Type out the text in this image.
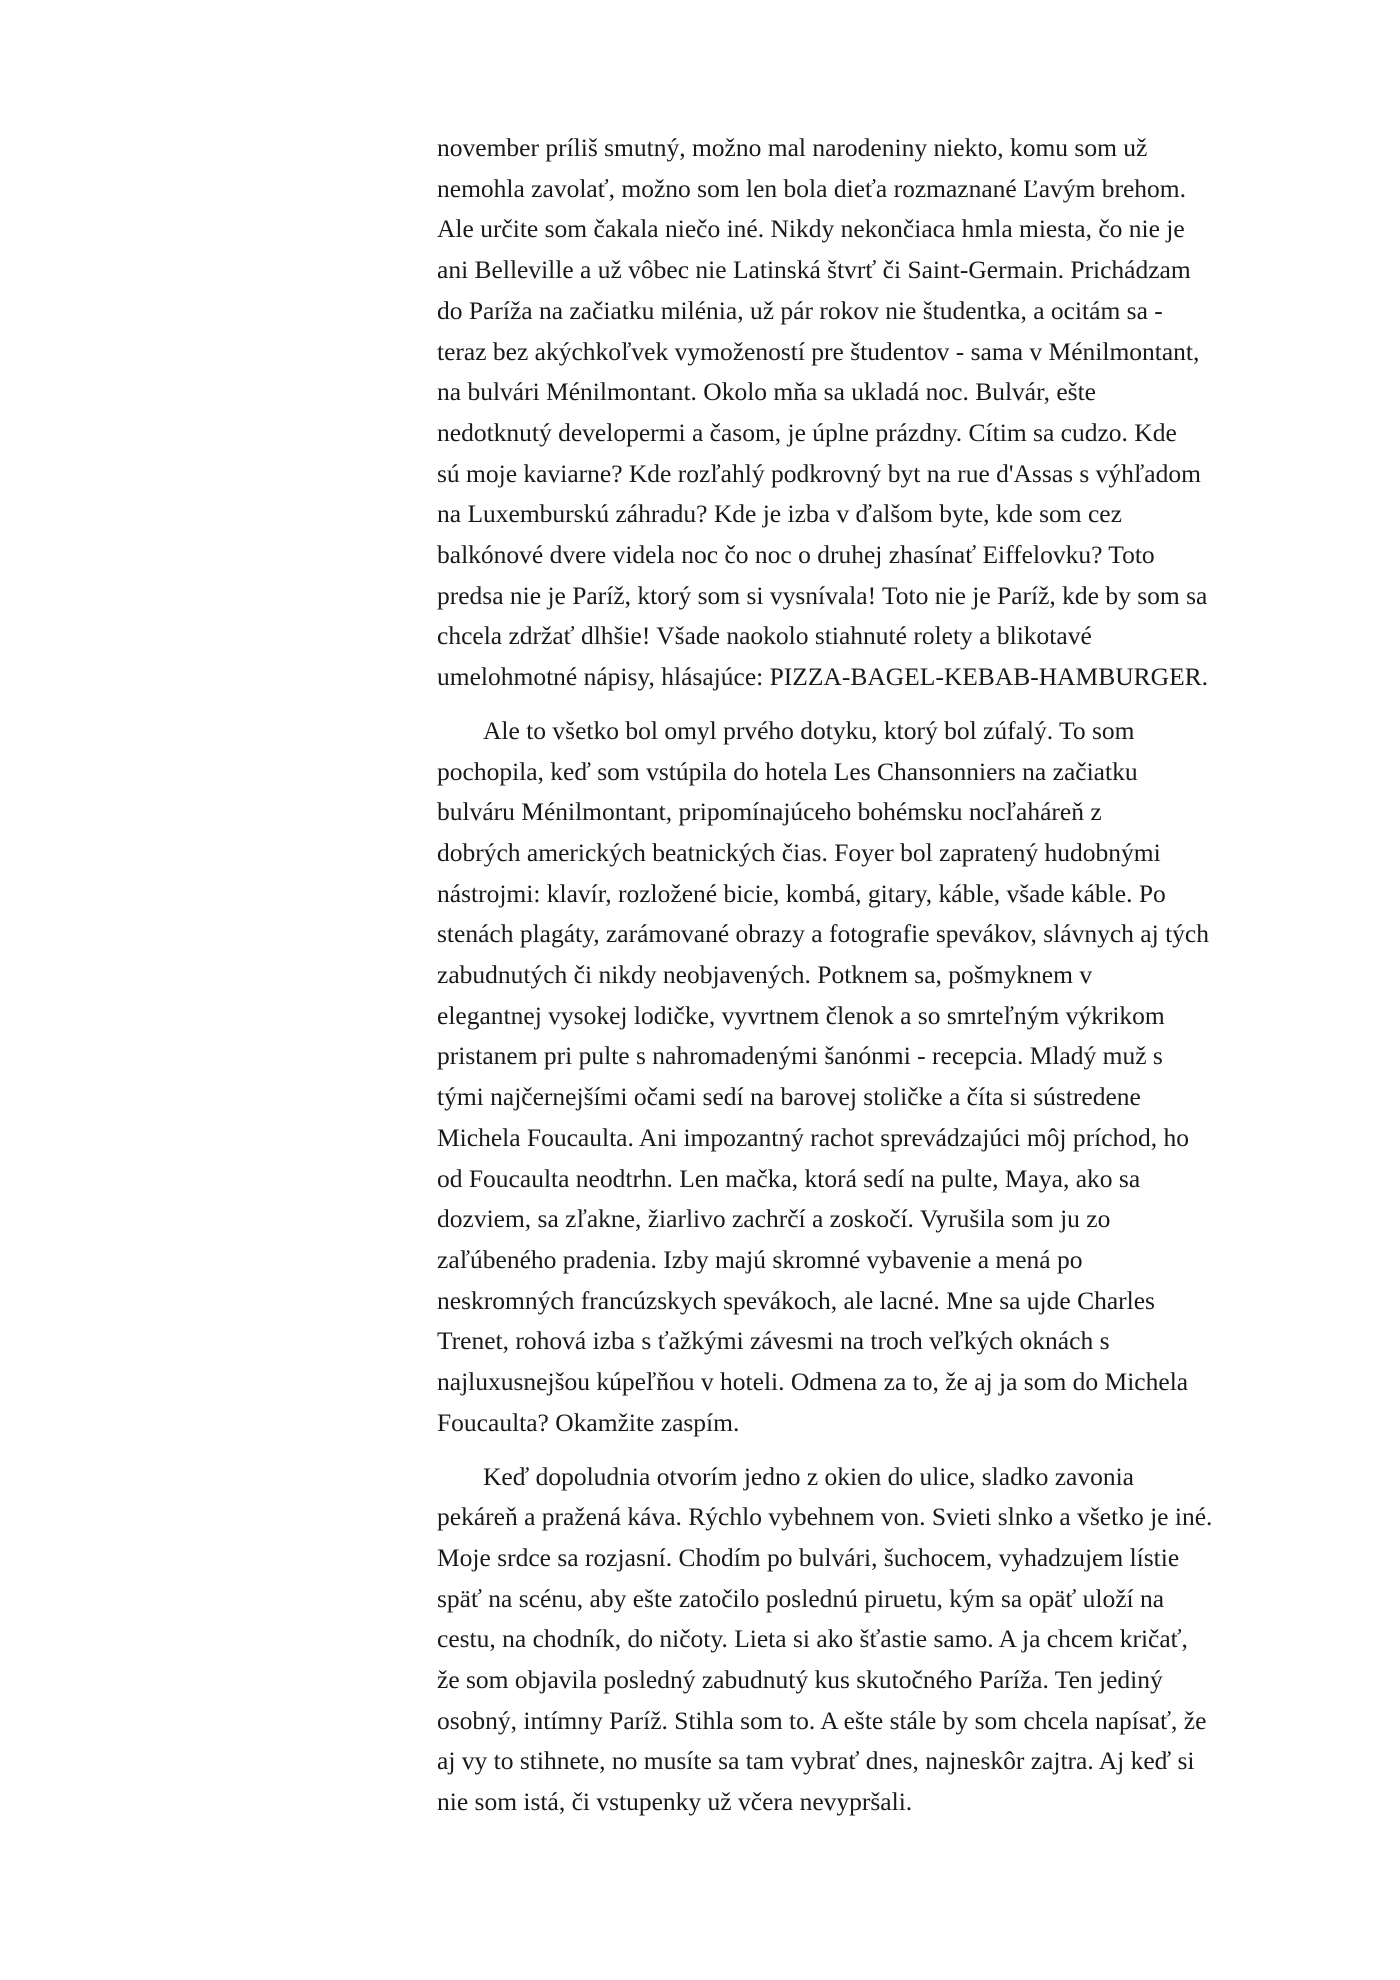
november príliš smutný, možno mal narodeniny niekto, komu som už
nemohla zavolať, možno som len bola dieťa rozmaznané Ľavým brehom.
Ale určite som čakala niečo iné. Nikdy nekončiaca hmla miesta, čo nie je
ani Belleville a už vôbec nie Latinská štvrť či Saint-Germain. Prichádzam
do Paríža na začiatku milénia, už pár rokov nie študentka, a ocitám sa -
teraz bez akýchkoľvek vymožeností pre študentov - sama v Ménilmontant,
na bulvári Ménilmontant. Okolo mňa sa ukladá noc. Bulvár, ešte
nedotknutý developermi a časom, je úplne prázdny. Cítim sa cudzo. Kde
sú moje kaviarne? Kde rozľahlý podkrovný byt na rue d'Assas s výhľadom
na Luxemburskú záhradu? Kde je izba v ďalšom byte, kde som cez
balkónové dvere videla noc čo noc o druhej zhasínať Eiffelovku? Toto
predsa nie je Paríž, ktorý som si vysnívala! Toto nie je Paríž, kde by som sa
chcela zdržať dlhšie! Všade naokolo stiahnuté rolety a blikotavé
umelohmotné nápisy, hlásajúce: PIZZA-BAGEL-KEBAB-HAMBURGER.

Ale to všetko bol omyl prvého dotyku, ktorý bol zúfalý. To som
pochopila, keď som vstúpila do hotela Les Chansonniers na začiatku
bulváru Ménilmontant, pripomínajúceho bohémsku nocľaháreň z
dobrých amerických beatnických čias. Foyer bol zapratený hudobnými
nástrojmi: klavír, rozložené bicie, kombá, gitary, káble, všade káble. Po
stenách plagáty, zarámované obrazy a fotografie spevákov, slávnych aj tých
zabudnutých či nikdy neobjavených. Potknem sa, pošmyknem v
elegantnej vysokej lodičke, vyvrtnem členok a so smrteľným výkrikom
pristanem pri pulte s nahromadenými šanónmi - recepcia. Mladý muž s
tými najčernejšími očami sedí na barovej stoličke a číta si sústredene
Michela Foucaulta. Ani impozantný rachot sprevádzajúci môj príchod, ho
od Foucaulta neodtrhn. Len mačka, ktorá sedí na pulte, Maya, ako sa
dozviem, sa zľakne, žiarlivo zachrčí a zoskočí. Vyrušila som ju zo
zaľúbeného pradenia. Izby majú skromné vybavenie a mená po
neskromných francúzskych spevákoch, ale lacné. Mne sa ujde Charles
Trenet, rohová izba s ťažkými závesmi na troch veľkých oknách s
najluxusnejšou kúpeľňou v hoteli. Odmena za to, že aj ja som do Michela
Foucaulta? Okamžite zaspím.

Keď dopoludnia otvorím jedno z okien do ulice, sladko zavonia
pekáreň a pražená káva. Rýchlo vybehnem von. Svieti slnko a všetko je iné.
Moje srdce sa rozjasní. Chodím po bulvári, šuchocem, vyhadzujem lístie
späť na scénu, aby ešte zatočilo poslednú piruetu, kým sa opäť uloží na
cestu, na chodník, do ničoty. Lieta si ako šťastie samo. A ja chcem kričať,
že som objavila posledný zabudnutý kus skutočného Paríža. Ten jediný
osobný, intímny Paríž. Stihla som to. A ešte stále by som chcela napísať, že
aj vy to stihnete, no musíte sa tam vybrať dnes, najneskôr zajtra. Aj keď si
nie som istá, či vstupenky už včera nevypršali.
